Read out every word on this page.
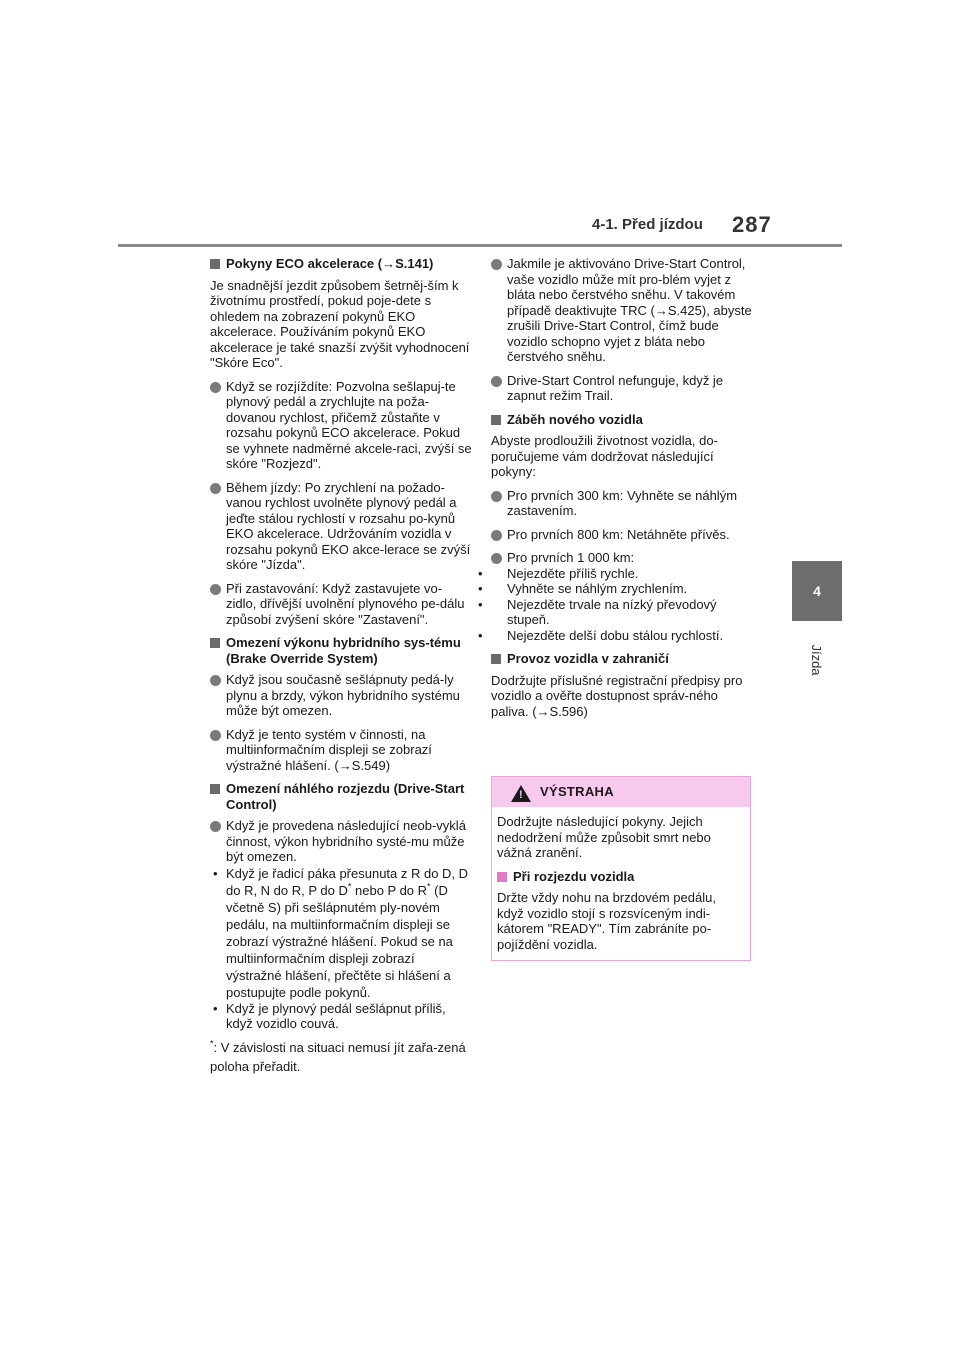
4-1. Před jízdou 287
4
Jízda
Pokyny ECO akcelerace (→S.141)

Je snadnější jezdit způsobem šetrněj-ším k životnímu prostředí, pokud poje-dete s ohledem na zobrazení pokynů EKO akcelerace. Používáním pokynů EKO akcelerace je také snazší zvýšit vyhodnocení "Skóre Eco".

Když se rozjíždíte: Pozvolna sešlapuj-te plynový pedál a zrychlujte na poža-dovanou rychlost, přičemž zůstaňte v rozsahu pokynů ECO akcelerace. Pokud se vyhnete nadměrné akcele-raci, zvýší se skóre "Rozjezd".
Během jízdy: Po zrychlení na požado-vanou rychlost uvolněte plynový pedál a jeďte stálou rychlostí v rozsahu po-kynů EKO akcelerace. Udržováním vozidla v rozsahu pokynů EKO akce-lerace se zvýší skóre "Jízda".
Při zastavování: Když zastavujete vo-zidlo, dřívější uvolnění plynového pe-dálu způsobí zvýšení skóre "Zastavení".
Omezení výkonu hybridního sys-tému (Brake Override System)
Když jsou současně sešlápnuty pedá-ly plynu a brzdy, výkon hybridního systému může být omezen.
Když je tento systém v činnosti, na multiinformačním displeji se zobrazí výstražné hlášení. (→S.549)
Omezení náhlého rozjezdu (Drive-Start Control)
Když je provedena následující neob-vyklá činnost, výkon hybridního systé-mu může být omezen.
• Když je řadicí páka přesunuta z R do D, D do R, N do R, P do D* nebo P do R* (D včetně S) při sešlápnutém ply-novém pedálu, na multiinformačním displeji se zobrazí výstražné hlášení. Pokud se na multiinformačním displeji zobrazí výstražné hlášení, přečtěte si hlášení a postupujte podle pokynů.
• Když je plynový pedál sešlápnut příliš, když vozidlo couvá.
*: V závislosti na situaci nemusí jít zařa-zená poloha přeřadit.
Jakmile je aktivováno Drive-Start Control, vaše vozidlo může mít pro-blém vyjet z bláta nebo čerstvého sněhu. V takovém případě deaktivujte TRC (→S.425), abyste zrušili Drive-Start Control, čímž bude vozidlo schopno vyjet z bláta nebo čerstvého sněhu.
Drive-Start Control nefunguje, když je zapnut režim Trail.
Záběh nového vozidla

Abyste prodloužili životnost vozidla, do-poručujeme vám dodržovat následující pokyny:

Pro prvních 300 km: Vyhněte se náhlým zastavením.
Pro prvních 800 km: Netáhněte přívěs.
Pro prvních 1 000 km:
• Nejezděte příliš rychle.
• Vyhněte se náhlým zrychlením.
• Nejezděte trvale na nízký převodový stupeň.
• Nejezděte delší dobu stálou rychlostí.
Provoz vozidla v zahraničí

Dodržujte příslušné registrační předpisy pro vozidlo a ověřte dostupnost správ-ného paliva. (→S.596)

! VÝSTRAHA

Dodržujte následující pokyny. Jejich nedodržení může způsobit smrt nebo vážná zranění.

Při rozjezdu vozidla

Držte vždy nohu na brzdovém pedálu, když vozidlo stojí s rozsvíceným indi-kátorem "READY". Tím zabráníte po-pojíždění vozidla.
